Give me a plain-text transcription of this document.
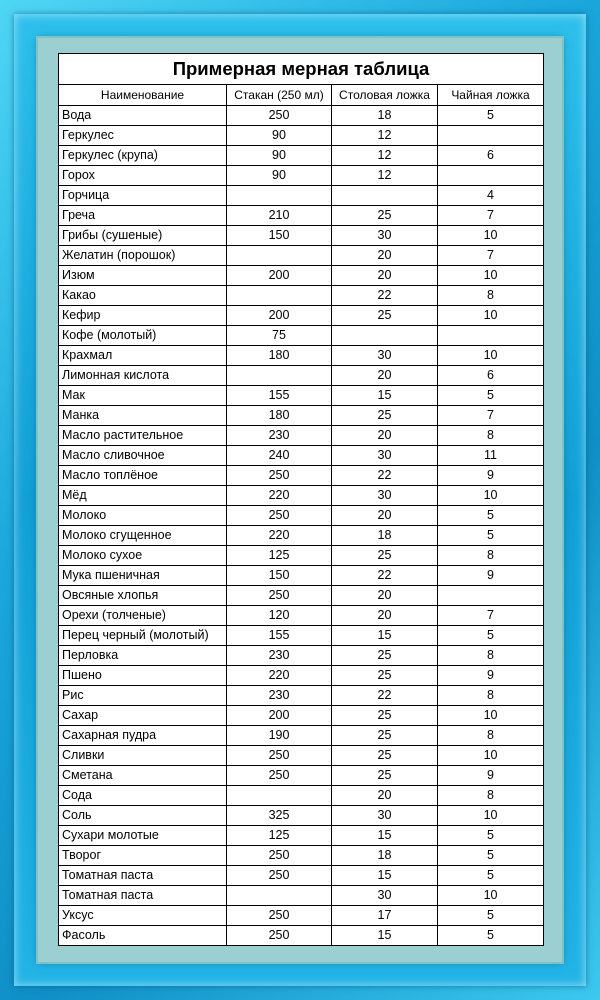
Примерная мерная таблица			
Наименование	Стакан (250 мл)	Столовая ложка	Чайная ложка
Вода	250	18	5
Геркулес	90	12	
Геркулес (крупа)	90	12	6
Горох	90	12	
Горчица			4
Греча	210	25	7
Грибы (сушеные)	150	30	10
Желатин (порошок)		20	7
Изюм	200	20	10
Какао		22	8
Кефир	200	25	10
Кофе (молотый)	75		
Крахмал	180	30	10
Лимонная кислота		20	6
Мак	155	15	5
Манка	180	25	7
Масло растительное	230	20	8
Масло сливочное	240	30	11
Масло топлёное	250	22	9
Мёд	220	30	10
Молоко	250	20	5
Молоко сгущенное	220	18	5
Молоко сухое	125	25	8
Мука пшеничная	150	22	9
Овсяные хлопья	250	20	
Орехи (толченые)	120	20	7
Перец черный (молотый)	155	15	5
Перловка	230	25	8
Пшено	220	25	9
Рис	230	22	8
Сахар	200	25	10
Сахарная пудра	190	25	8
Сливки	250	25	10
Сметана	250	25	9
Сода		20	8
Соль	325	30	10
Сухари молотые	125	15	5
Творог	250	18	5
Томатная паста	250	15	5
Томатная паста		30	10
Уксус	250	17	5
Фасоль	250	15	5
